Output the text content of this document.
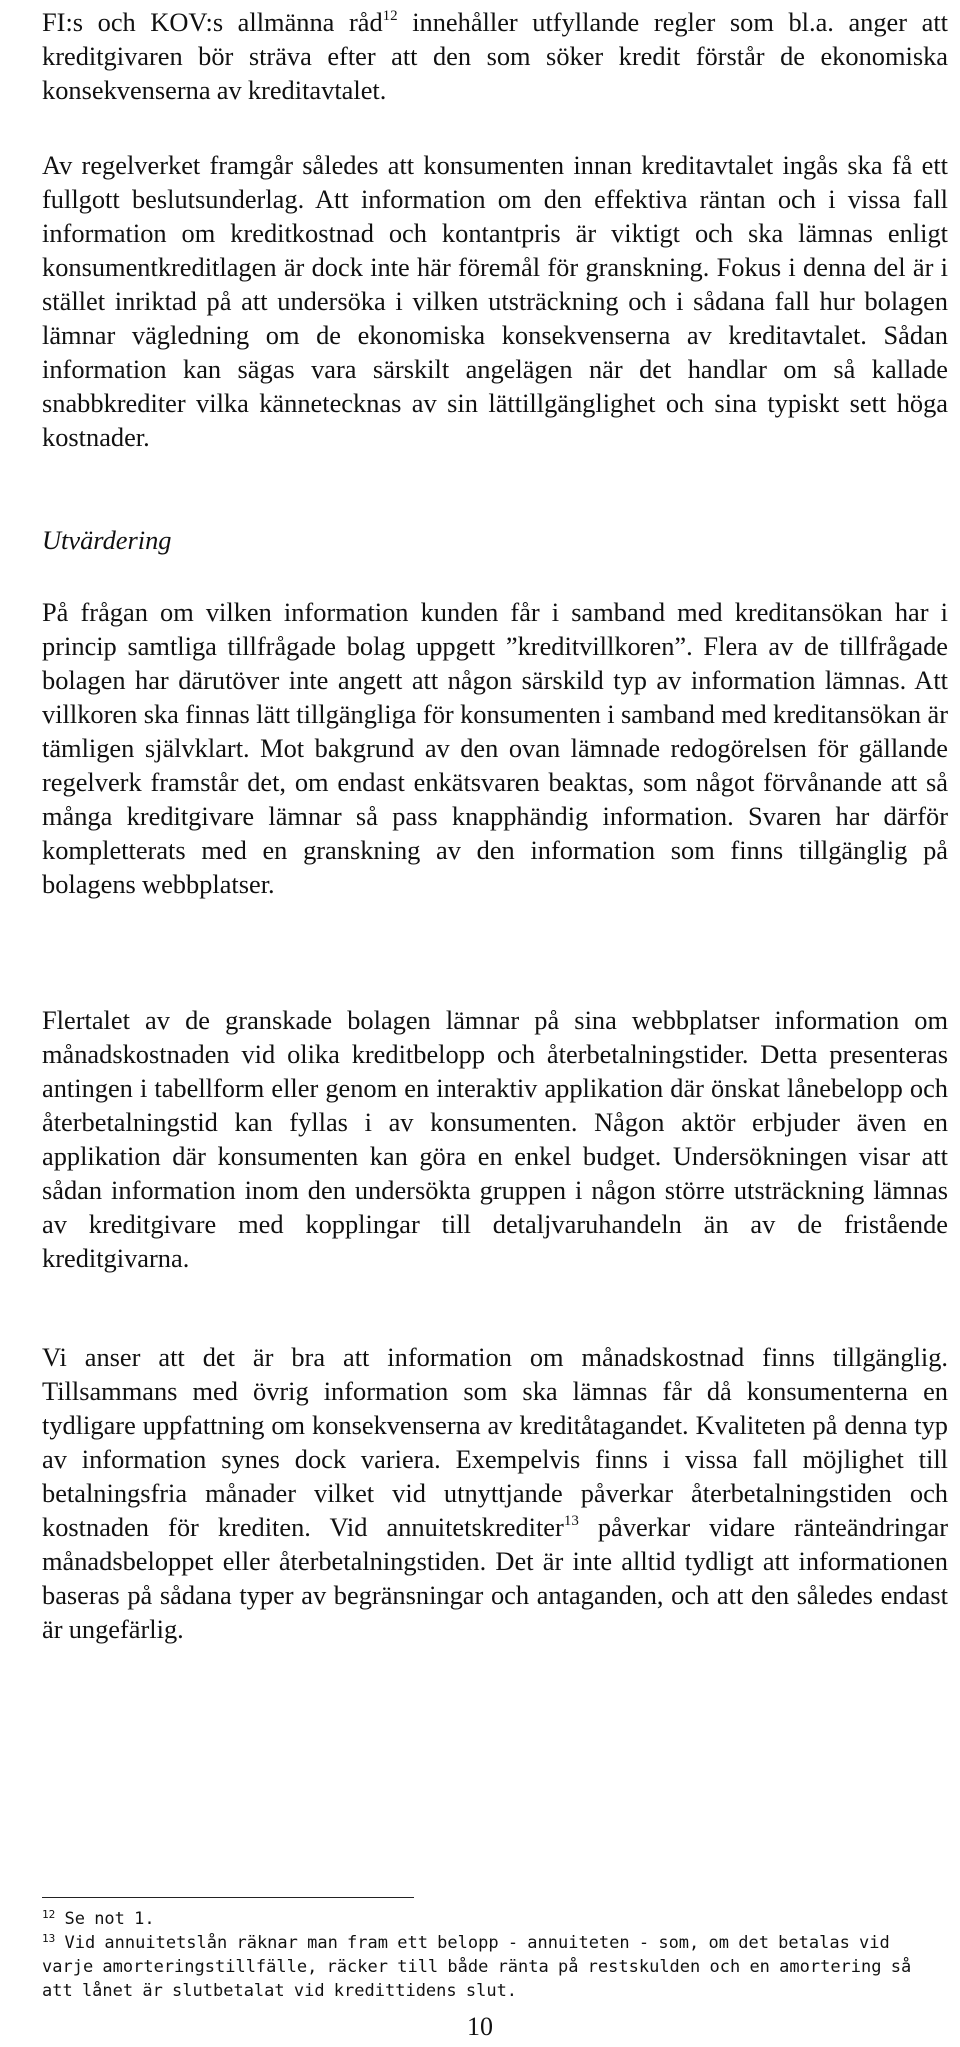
FI:s och KOV:s allmänna råd$^{12}$ innehåller utfyllande regler som bl.a. anger att kreditgivaren bör sträva efter att den som söker kredit förstår de ekonomiska konsekvenserna av kreditavtalet.

Av regelverket framgår således att konsumenten innan kreditavtalet ingås ska få ett fullgott beslutsunderlag. Att information om den effektiva räntan och i vissa fall information om kreditkostnad och kontantpris är viktigt och ska lämnas enligt konsumentkreditlagen är dock inte här föremål för granskning. Fokus i denna del är i stället inriktad på att undersöka i vilken utsträckning och i sådana fall hur bolagen lämnar vägledning om de ekonomiska konsekvenserna av kreditavtalet. Sådan information kan sägas vara särskilt angelägen när det handlar om så kallade snabbkrediter vilka kännetecknas av sin lättillgänglighet och sina typiskt sett höga kostnader.

Utvärdering

På frågan om vilken information kunden får i samband med kreditansökan har i princip samtliga tillfrågade bolag uppgett ”kreditvillkoren”. Flera av de tillfrågade bolagen har därutöver inte angett att någon särskild typ av information lämnas. Att villkoren ska finnas lätt tillgängliga för konsumenten i samband med kreditansökan är tämligen självklart. Mot bakgrund av den ovan lämnade redogörelsen för gällande regelverk framstår det, om endast enkätsvaren beaktas, som något förvånande att så många kreditgivare lämnar så pass knapphändig information. Svaren har därför kompletterats med en granskning av den information som finns tillgänglig på bolagens webbplatser.

Flertalet av de granskade bolagen lämnar på sina webbplatser information om månadskostnaden vid olika kreditbelopp och återbetalningstider. Detta presenteras antingen i tabellform eller genom en interaktiv applikation där önskat lånebelopp och återbetalningstid kan fyllas i av konsumenten. Någon aktör erbjuder även en applikation där konsumenten kan göra en enkel budget. Undersökningen visar att sådan information inom den undersökta gruppen i någon större utsträckning lämnas av kreditgivare med kopplingar till detaljvaruhandeln än av de fristående kreditgivarna.

Vi anser att det är bra att information om månadskostnad finns tillgänglig. Tillsammans med övrig information som ska lämnas får då konsumenterna en tydligare uppfattning om konsekvenserna av kreditåtagandet. Kvaliteten på denna typ av information synes dock variera. Exempelvis finns i vissa fall möjlighet till betalningsfria månader vilket vid utnyttjande påverkar återbetalningstiden och kostnaden för krediten. Vid annuitetskrediter$^{13}$ påverkar vidare ränteändringar månadsbeloppet eller återbetalningstiden. Det är inte alltid tydligt att informationen baseras på sådana typer av begränsningar och antaganden, och att den således endast är ungefärlig.

$^{12}$ Se not 1.

$^{13}$ Vid annuitetslån räknar man fram ett belopp - annuiteten - som, om det betalas vid varje amorteringstillfälle, räcker till både ränta på restskulden och en amortering så att lånet är slutbetalat vid kredittidens slut.

10
